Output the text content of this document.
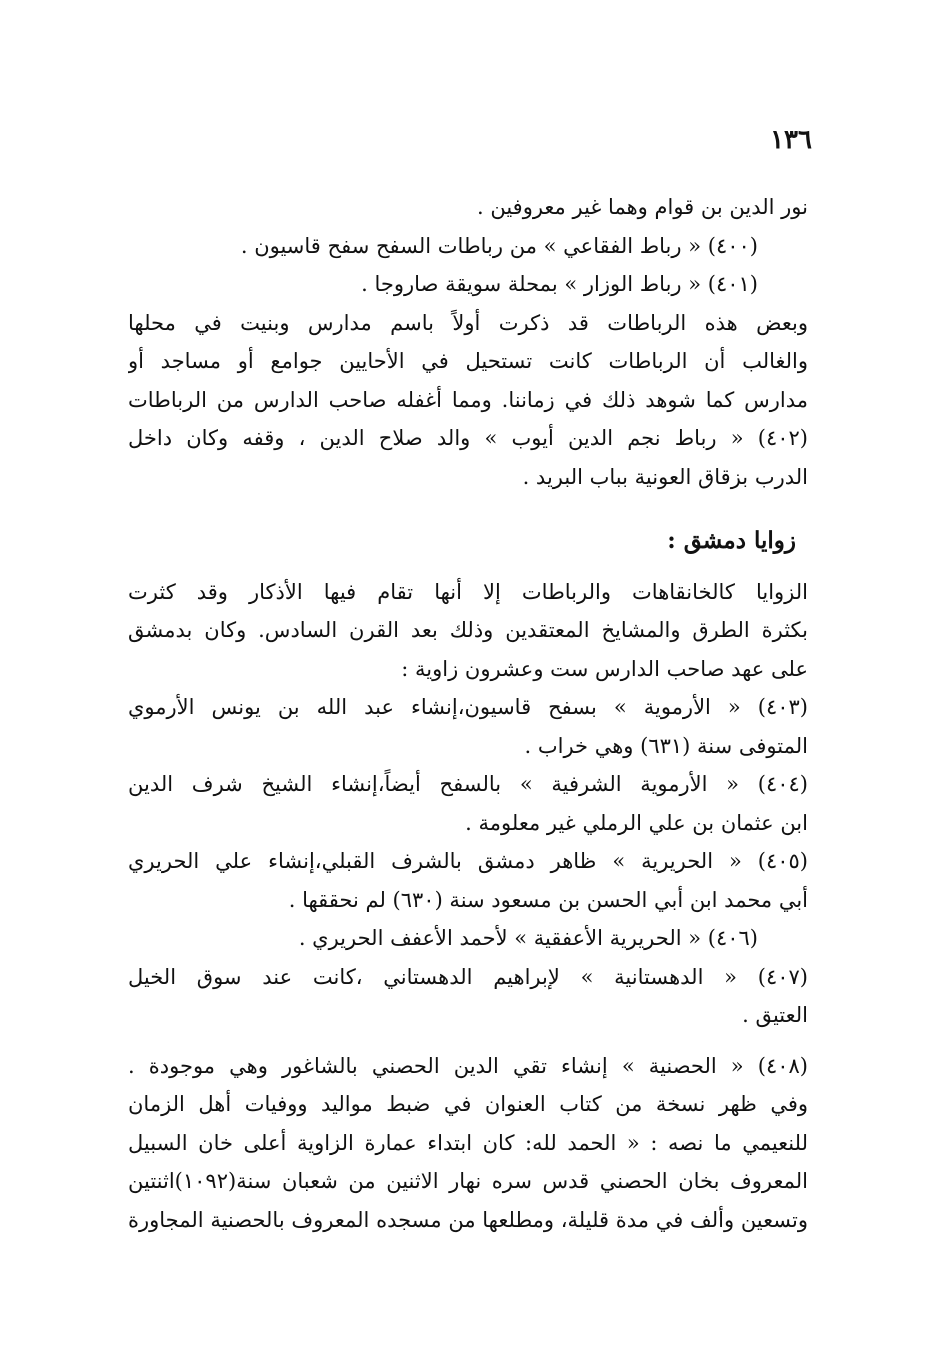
١٣٦
نور الدين بن قوام وهما غير معروفين .
(٤٠٠) « رباط الفقاعي » من رباطات السفح سفح قاسيون .
(٤٠١) « رباط الوزار » بمحلة سويقة صاروجا .
وبعض هذه الرباطات قد ذكرت أولاً باسم مدارس وبنيت في محلها
والغالب أن الرباطات كانت تستحيل في الأحايين جوامع أو مساجد أو
مدارس كما شوهد ذلك في زماننا. ومما أغفله صاحب الدارس من الرباطات
(٤٠٢) « رباط نجم الدين أيوب » والد صلاح الدين ، وقفه وكان داخل
الدرب بزقاق العونية بباب البريد .
زوايا دمشق :
الزوايا كالخانقاهات والرباطات إلا أنها تقام فيها الأذكار وقد كثرت
بكثرة الطرق والمشايخ المعتقدين وذلك بعد القرن السادس. وكان بدمشق
على عهد صاحب الدارس ست وعشرون زاوية :
(٤٠٣) « الأرموية » بسفح قاسيون،إنشاء عبد الله بن يونس الأرموي
المتوفى سنة (٦٣١) وهي خراب .
(٤٠٤) « الأرموية الشرفية » بالسفح أيضاً،إنشاء الشيخ شرف الدين
ابن عثمان بن علي الرملي غير معلومة .
(٤٠٥) « الحريرية » ظاهر دمشق بالشرف القبلي،إنشاء علي الحريري
أبي محمد ابن أبي الحسن بن مسعود سنة (٦٣٠) لم نحققها .
(٤٠٦) « الحريرية الأعفقية » لأحمد الأعفف الحريري .
(٤٠٧) « الدهستانية » لإبراهيم الدهستاني ،كانت عند سوق الخيل
العتيق .
(٤٠٨) « الحصنية » إنشاء تقي الدين الحصني بالشاغور وهي موجودة .
وفي ظهر نسخة من كتاب العنوان في ضبط مواليد ووفيات أهل الزمان
للنعيمي ما نصه : « الحمد لله: كان ابتداء عمارة الزاوية أعلى خان السبيل
المعروف بخان الحصني قدس سره نهار الاثنين من شعبان سنة(١٠٩٢)اثنتين
وتسعين وألف في مدة قليلة، ومطلعها من مسجده المعروف بالحصنية المجاورة
